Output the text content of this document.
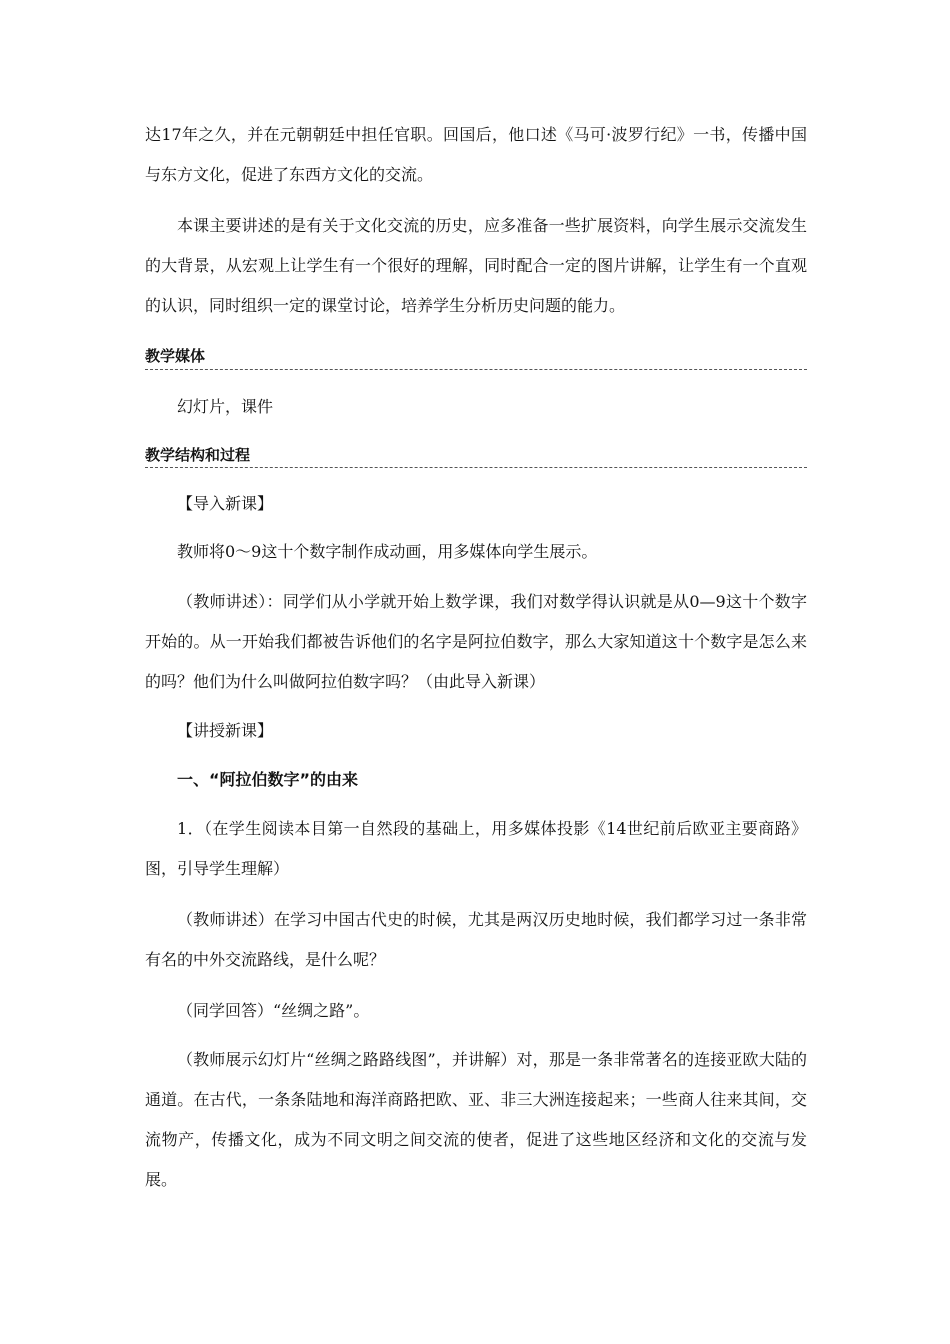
达17年之久，并在元朝朝廷中担任官职。回国后，他口述《马可·波罗行纪》一书，传播中国与东方文化，促进了东西方文化的交流。

本课主要讲述的是有关于文化交流的历史，应多准备一些扩展资料，向学生展示交流发生的大背景，从宏观上让学生有一个很好的理解，同时配合一定的图片讲解，让学生有一个直观的认识，同时组织一定的课堂讨论，培养学生分析历史问题的能力。

教学媒体

幻灯片，课件

教学结构和过程

【导入新课】

教师将0～9这十个数字制作成动画，用多媒体向学生展示。

（教师讲述）：同学们从小学就开始上数学课，我们对数学得认识就是从0—9这十个数字开始的。从一开始我们都被告诉他们的名字是阿拉伯数字，那么大家知道这十个数字是怎么来的吗？他们为什么叫做阿拉伯数字吗？（由此导入新课）

【讲授新课】

一、“阿拉伯数字”的由来

1．（在学生阅读本目第一自然段的基础上，用多媒体投影《14世纪前后欧亚主要商路》图，引导学生理解）

（教师讲述）在学习中国古代史的时候，尤其是两汉历史地时候，我们都学习过一条非常有名的中外交流路线，是什么呢？

（同学回答）“丝绸之路”。

（教师展示幻灯片“丝绸之路路线图”，并讲解）对，那是一条非常著名的连接亚欧大陆的通道。在古代，一条条陆地和海洋商路把欧、亚、非三大洲连接起来；一些商人往来其间，交流物产，传播文化，成为不同文明之间交流的使者，促进了这些地区经济和文化的交流与发展。
